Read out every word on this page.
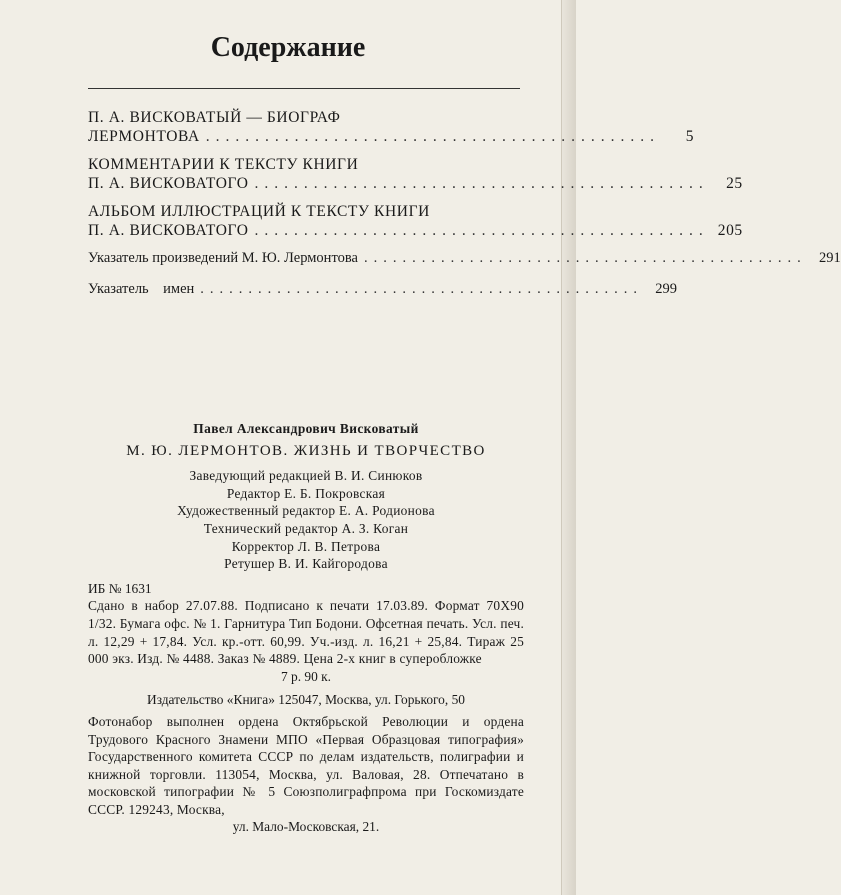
Содержание
П. А. ВИСКОВАТЫЙ — БИОГРАФ
ЛЕРМОНТОВА ..............................................	5
КОММЕНТАРИИ К ТЕКСТУ КНИГИ
П. А. ВИСКОВАТОГО ..............................................	25
АЛЬБОМ ИЛЛЮСТРАЦИЙ К ТЕКСТУ КНИГИ
П. А. ВИСКОВАТОГО .............................................. 205
Указатель произведений М. Ю. Лермонтова .............................................. 291
Указатель    имен .............................................. 299
Павел Александрович Висковатый
М. Ю. ЛЕРМОНТОВ. ЖИЗНЬ И ТВОРЧЕСТВО
Заведующий редакцией В. И. Синюков
Редактор Е. Б. Покровская
Художественный редактор Е. А. Родионова
Технический редактор А. З. Коган
Корректор Л. В. Петрова
Ретушер В. И. Кайгородова
ИБ № 1631
Сдано в набор 27.07.88. Подписано к печати 17.03.89. Формат 70Х90 1/32. Бумага офс. № 1. Гарнитура Тип Бодони. Офсетная печать. Усл. печ. л. 12,29 + 17,84. Усл. кр.-отт. 60,99. Уч.-изд. л. 16,21 + 25,84. Тираж 25 000 экз. Изд. № 4488. Заказ № 4889. Цена 2-х книг в суперобложке
7 р. 90 к.
Издательство «Книга» 125047, Москва, ул. Горького, 50
Фотонабор выполнен ордена Октябрьской Революции и ордена Трудового Красного Знамени МПО «Первая Образцовая типография» Государственного комитета СССР по делам издательств, полиграфии и книжной торговли. 113054, Москва, ул. Валовая, 28. Отпечатано в московской типографии № 5 Союзполиграфпрома при Госкомиздате СССР. 129243, Москва,
ул. Мало-Московская, 21.
